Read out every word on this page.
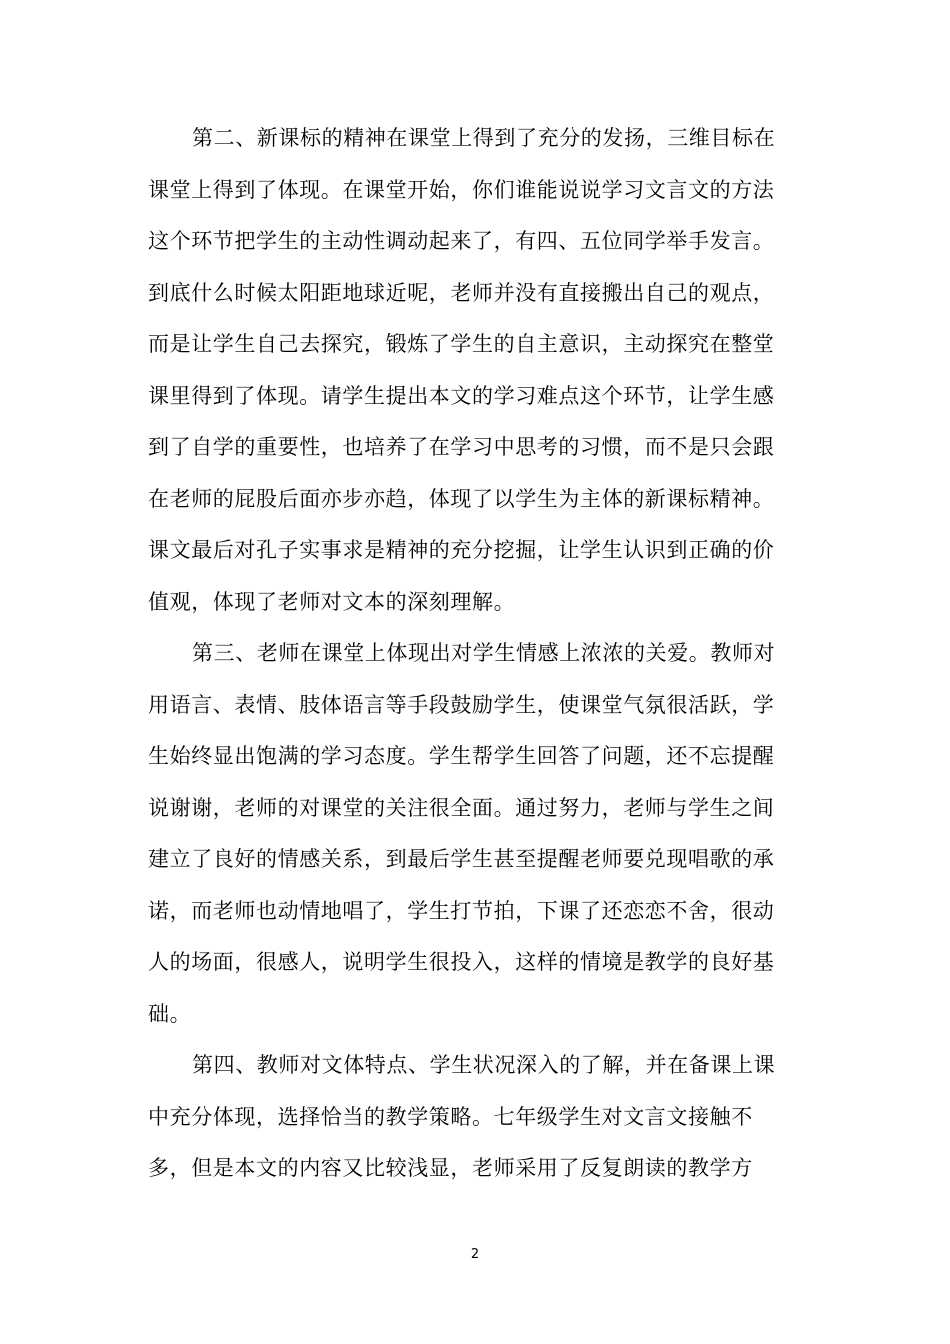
第二、新课标的精神在课堂上得到了充分的发扬，三维目标在
课堂上得到了体现。在课堂开始，你们谁能说说学习文言文的方法
这个环节把学生的主动性调动起来了，有四、五位同学举手发言。
到底什么时候太阳距地球近呢，老师并没有直接搬出自己的观点，
而是让学生自己去探究，锻炼了学生的自主意识，主动探究在整堂
课里得到了体现。请学生提出本文的学习难点这个环节，让学生感
到了自学的重要性，也培养了在学习中思考的习惯，而不是只会跟
在老师的屁股后面亦步亦趋，体现了以学生为主体的新课标精神。
课文最后对孔子实事求是精神的充分挖掘，让学生认识到正确的价
值观，体现了老师对文本的深刻理解。
第三、老师在课堂上体现出对学生情感上浓浓的关爱。教师对
用语言、表情、肢体语言等手段鼓励学生，使课堂气氛很活跃，学
生始终显出饱满的学习态度。学生帮学生回答了问题，还不忘提醒
说谢谢，老师的对课堂的关注很全面。通过努力，老师与学生之间
建立了良好的情感关系，到最后学生甚至提醒老师要兑现唱歌的承
诺，而老师也动情地唱了，学生打节拍，下课了还恋恋不舍，很动
人的场面，很感人，说明学生很投入，这样的情境是教学的良好基
础。
第四、教师对文体特点、学生状况深入的了解，并在备课上课
中充分体现，选择恰当的教学策略。七年级学生对文言文接触不
多，但是本文的内容又比较浅显，老师采用了反复朗读的教学方
2
